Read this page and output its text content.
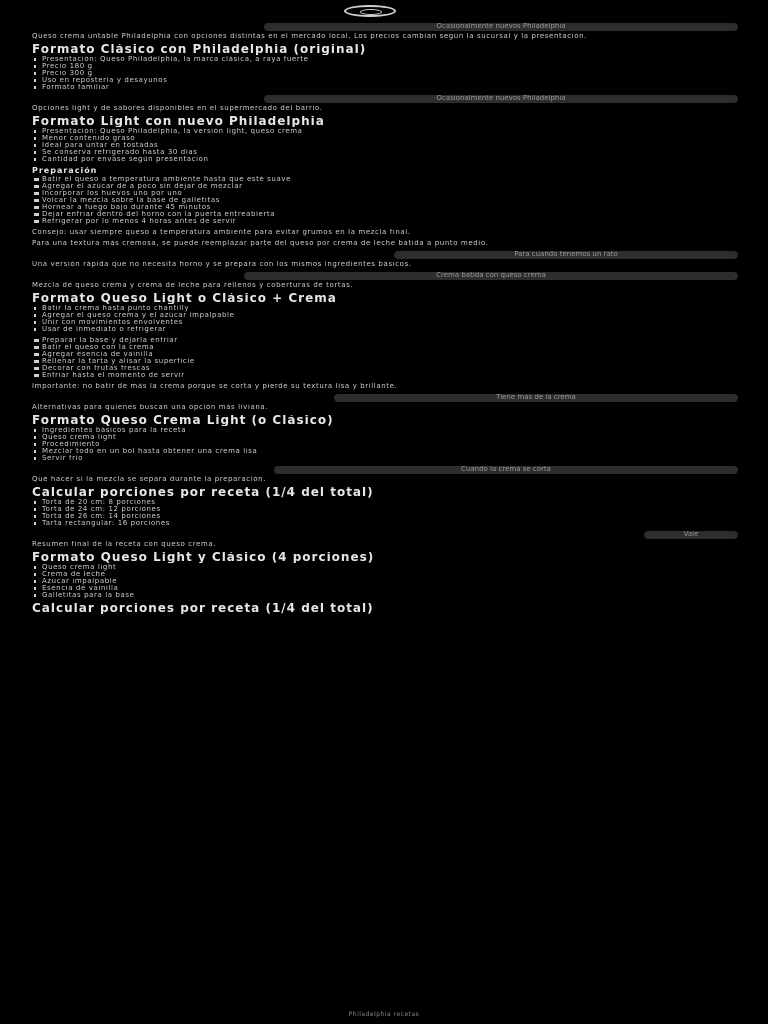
Ocasionalmente nuevos Philadelphia

Queso crema untable Philadelphia con opciones distintas en el mercado local. Los precios cambian según la sucursal y la presentación.

Formato Clásico con Philadelphia (original)
Presentación: Queso Philadelphia, la marca clásica, a raya fuerte
Precio 180 g
Precio 300 g
Uso en repostería y desayunos
Formato familiar
Ocasionalmente nuevos Philadelphia

Opciones light y de sabores disponibles en el supermercado del barrio.

Formato Light con nuevo Philadelphia
Presentación: Queso Philadelphia, la versión light, queso crema
Menor contenido graso
Ideal para untar en tostadas
Se conserva refrigerado hasta 30 días
Cantidad por envase según presentación
Preparación
Batir el queso a temperatura ambiente hasta que esté suave
Agregar el azúcar de a poco sin dejar de mezclar
Incorporar los huevos uno por uno
Volcar la mezcla sobre la base de galletitas
Hornear a fuego bajo durante 45 minutos
Dejar enfriar dentro del horno con la puerta entreabierta
Refrigerar por lo menos 4 horas antes de servir

Consejo: usar siempre queso a temperatura ambiente para evitar grumos en la mezcla final.

Para una textura más cremosa, se puede reemplazar parte del queso por crema de leche batida a punto medio.

Para cuando tenemos un rato

Una versión rápida que no necesita horno y se prepara con los mismos ingredientes básicos.

Crema batida con queso crema

Mezcla de queso crema y crema de leche para rellenos y coberturas de tortas.

Formato Queso Light o Clásico + Crema
Batir la crema hasta punto chantilly
Agregar el queso crema y el azúcar impalpable
Unir con movimientos envolventes
Usar de inmediato o refrigerar
Preparar la base y dejarla enfriar
Batir el queso con la crema
Agregar esencia de vainilla
Rellenar la tarta y alisar la superficie
Decorar con frutas frescas
Enfriar hasta el momento de servir

Importante: no batir de más la crema porque se corta y pierde su textura lisa y brillante.

Tiene más de la crema

Alternativas para quienes buscan una opción más liviana.

Formato Queso Crema Light (o Clásico)
Ingredientes básicos para la receta
Queso crema light
Procedimiento
Mezclar todo en un bol hasta obtener una crema lisa
Servir frío
Cuando la crema se corta

Qué hacer si la mezcla se separa durante la preparación.

Calcular porciones por receta (1/4 del total)
Torta de 20 cm: 8 porciones
Torta de 24 cm: 12 porciones
Torta de 26 cm: 14 porciones
Tarta rectangular: 16 porciones
Vale

Resumen final de la receta con queso crema.

Formato Queso Light y Clásico (4 porciones)
Queso crema light
Crema de leche
Azúcar impalpable
Esencia de vainilla
Galletitas para la base
Calcular porciones por receta (1/4 del total)
Philadelphia recetas
